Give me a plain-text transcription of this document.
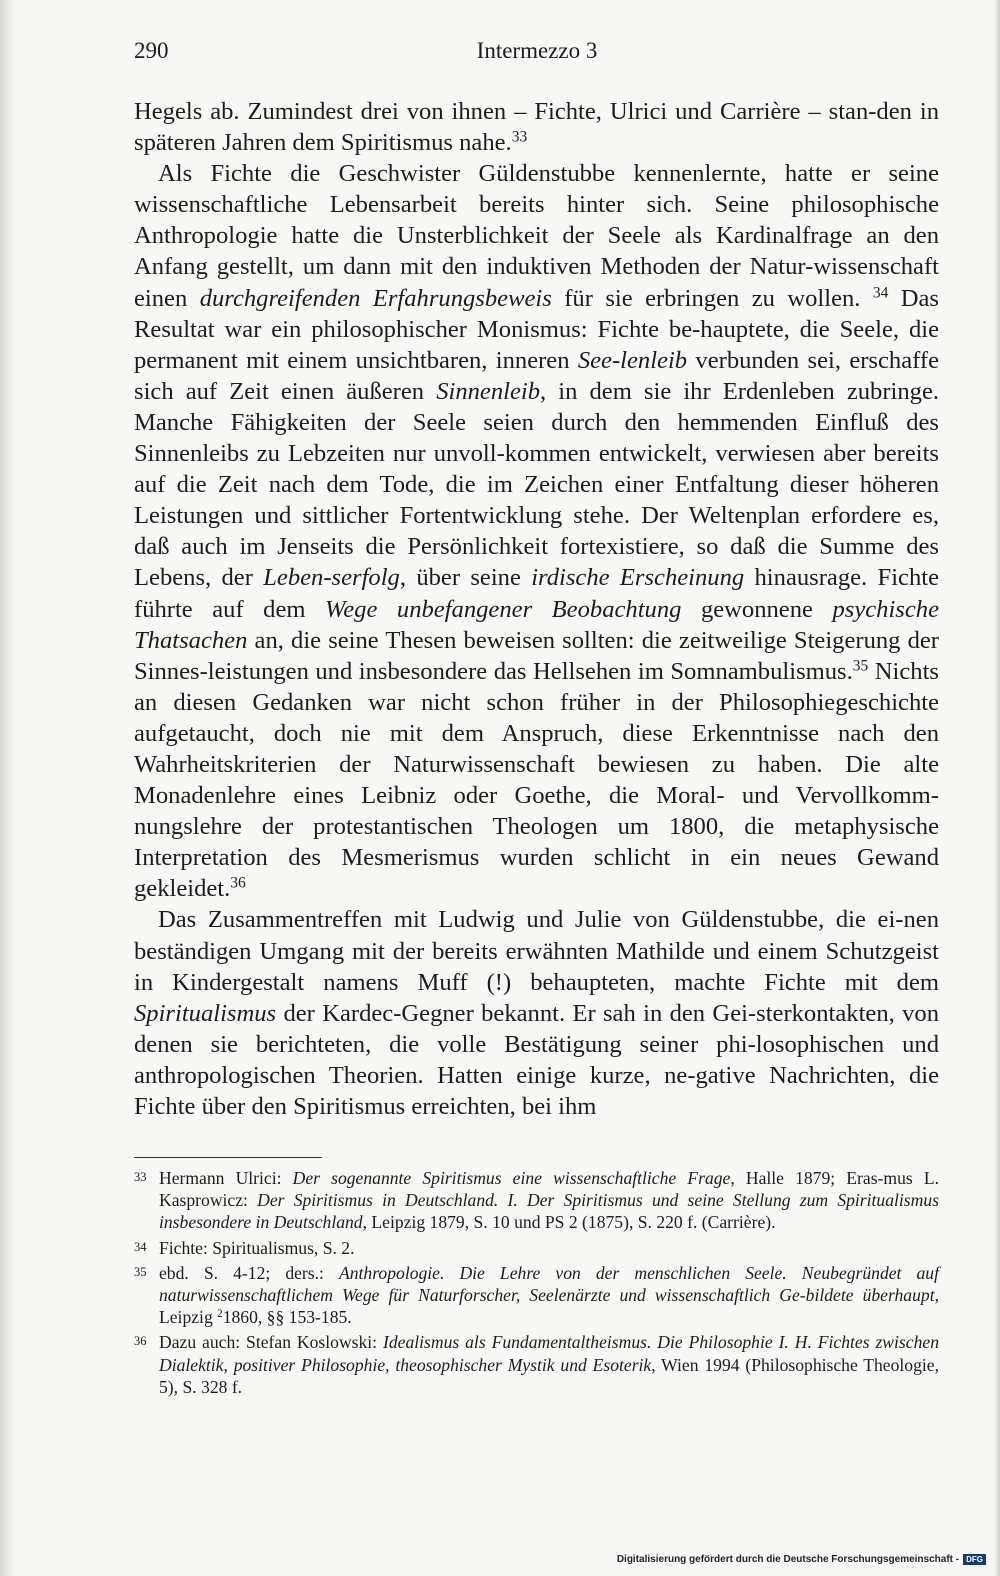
290	Intermezzo 3

Hegels ab. Zumindest drei von ihnen – Fichte, Ulrici und Carrière – stan-den in späteren Jahren dem Spiritismus nahe.$^{33}$

Als Fichte die Geschwister Güldenstubbe kennenlernte, hatte er seine wissenschaftliche Lebensarbeit bereits hinter sich. Seine philosophische Anthropologie hatte die Unsterblichkeit der Seele als Kardinalfrage an den Anfang gestellt, um dann mit den induktiven Methoden der Natur-wissenschaft einen durchgreifenden Erfahrungsbeweis für sie erbringen zu wollen. $^{34}$ Das Resultat war ein philosophischer Monismus: Fichte be-hauptete, die Seele, die permanent mit einem unsichtbaren, inneren See-lenleib verbunden sei, erschaffe sich auf Zeit einen äußeren Sinnenleib, in dem sie ihr Erdenleben zubringe. Manche Fähigkeiten der Seele seien durch den hemmenden Einfluß des Sinnenleibs zu Lebzeiten nur unvoll-kommen entwickelt, verwiesen aber bereits auf die Zeit nach dem Tode, die im Zeichen einer Entfaltung dieser höheren Leistungen und sittlicher Fortentwicklung stehe. Der Weltenplan erfordere es, daß auch im Jenseits die Persönlichkeit fortexistiere, so daß die Summe des Lebens, der Leben-serfolg, über seine irdische Erscheinung hinausrage. Fichte führte auf dem Wege unbefangener Beobachtung gewonnene psychische Thatsachen an, die seine Thesen beweisen sollten: die zeitweilige Steigerung der Sinnes-leistungen und insbesondere das Hellsehen im Somnambulismus.$^{35}$ Nichts an diesen Gedanken war nicht schon früher in der Philosophiegeschichte aufgetaucht, doch nie mit dem Anspruch, diese Erkenntnisse nach den Wahrheitskriterien der Naturwissenschaft bewiesen zu haben. Die alte Monadenlehre eines Leibniz oder Goethe, die Moral- und Vervollkomm-nungslehre der protestantischen Theologen um 1800, die metaphysische Interpretation des Mesmerismus wurden schlicht in ein neues Gewand gekleidet.$^{36}$

Das Zusammentreffen mit Ludwig und Julie von Güldenstubbe, die ei-nen beständigen Umgang mit der bereits erwähnten Mathilde und einem Schutzgeist in Kindergestalt namens Muff (!) behaupteten, machte Fichte mit dem Spiritualismus der Kardec-Gegner bekannt. Er sah in den Gei-sterkontakten, von denen sie berichteten, die volle Bestätigung seiner phi-losophischen und anthropologischen Theorien. Hatten einige kurze, ne-gative Nachrichten, die Fichte über den Spiritismus erreichten, bei ihm

33 Hermann Ulrici: Der sogenannte Spiritismus eine wissenschaftliche Frage, Halle 1879; Eras-mus L. Kasprowicz: Der Spiritismus in Deutschland. I. Der Spiritismus und seine Stellung zum Spiritualismus insbesondere in Deutschland, Leipzig 1879, S. 10 und PS 2 (1875), S. 220 f. (Carrière).
34 Fichte: Spiritualismus, S. 2.
35 ebd. S. 4-12; ders.: Anthropologie. Die Lehre von der menschlichen Seele. Neubegründet auf naturwissenschaftlichem Wege für Naturforscher, Seelenärzte und wissenschaftlich Ge-bildete überhaupt, Leipzig $^2$1860, §§ 153-185.
36 Dazu auch: Stefan Koslowski: Idealismus als Fundamentaltheismus. Die Philosophie I. H. Fichtes zwischen Dialektik, positiver Philosophie, theosophischer Mystik und Esoterik, Wien 1994 (Philosophische Theologie, 5), S. 328 f.
Digitalisierung gefördert durch die Deutsche Forschungsgemeinschaft - DFG
